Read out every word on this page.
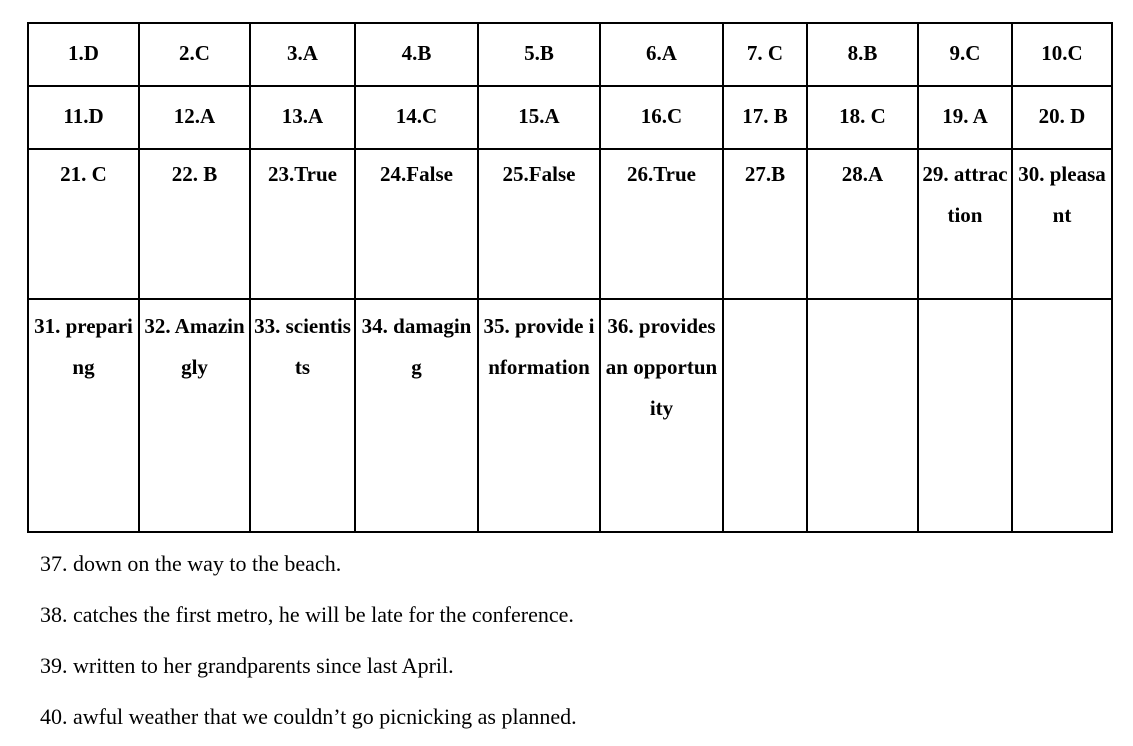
1.D	2.C	3.A	4.B	5.B	6.A	7. C	8.B	9.C	10.C

11.D	12.A	13.A	14.C	15.A	16.C	17. B	18. C	19. A	20. D

21. C	22. B	23.True	24.False	25.False	26.True	27.B	28.A	29. attraction	30. pleasant

31. preparing	32. Amazingly	33. scientists	34. damaging	35. provide information	36. provides an opportunity				

37. down on the way to the beach.

38. catches the first metro, he will be late for the conference.

39. written to her grandparents since last April.

40. awful weather that we couldn’t go picnicking as planned.
